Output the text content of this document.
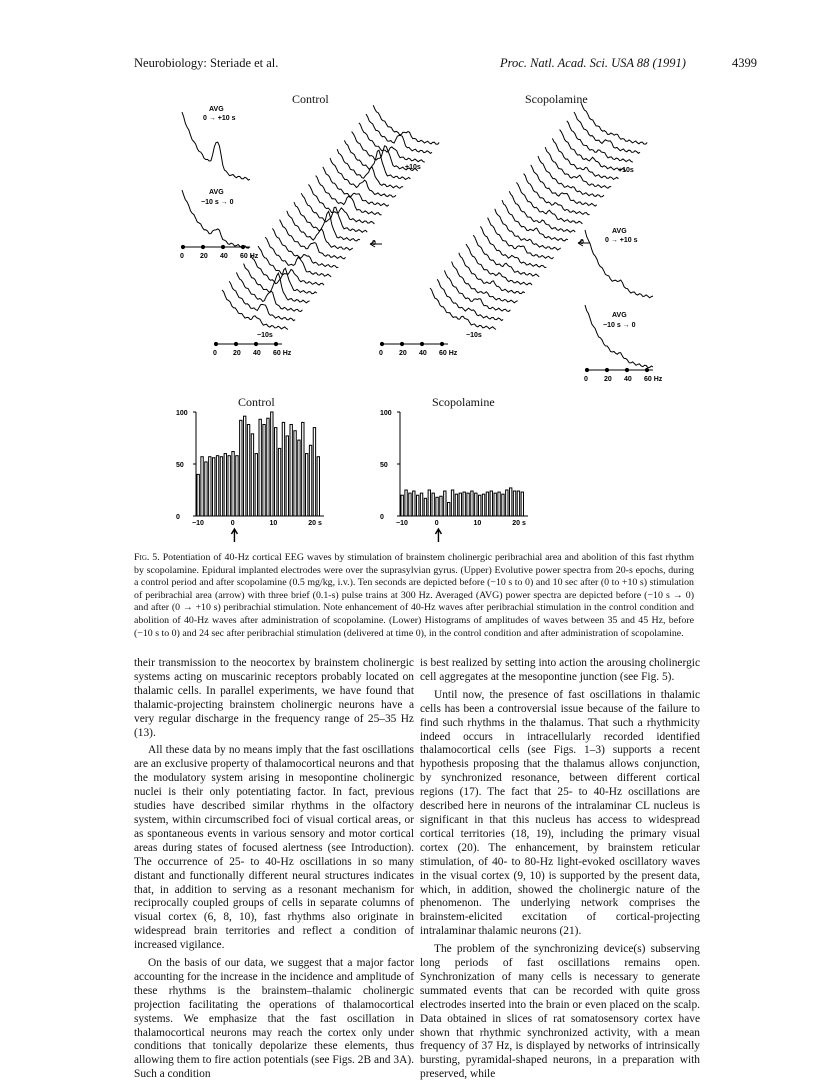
Neurobiology: Steriade et al.	Proc. Natl. Acad. Sci. USA 88 (1991)	4399
Control	Scopolamine
AVG
0 → +10 s
AVG
−10 s → 0
+10s
0
−10s
+10s
0
−10s
AVG
0 → +10 s
AVG
−10 s → 0
0 20 40 60 Hz
0 20 40 60 Hz	0 20 40 60 Hz
0 20 40 60 Hz
Control	Scopolamine
100
50
0
−10	0	10	20 s
100
50
0
−10	0	10	20 s

Fig. 5. Potentiation of 40-Hz cortical EEG waves by stimulation of brainstem cholinergic peribrachial area and abolition of this fast rhythm by scopolamine. Epidural implanted electrodes were over the suprasylvian gyrus. (Upper) Evolutive power spectra from 20-s epochs, during a control period and after scopolamine (0.5 mg/kg, i.v.). Ten seconds are depicted before (−10 s to 0) and 10 sec after (0 to +10 s) stimulation of peribrachial area (arrow) with three brief (0.1-s) pulse trains at 300 Hz. Averaged (AVG) power spectra are depicted before (−10 s → 0) and after (0 → +10 s) peribrachial stimulation. Note enhancement of 40-Hz waves after peribrachial stimulation in the control condition and abolition of 40-Hz waves after administration of scopolamine. (Lower) Histograms of amplitudes of waves between 35 and 45 Hz, before (−10 s to 0) and 24 sec after peribrachial stimulation (delivered at time 0), in the control condition and after administration of scopolamine.

their transmission to the neocortex by brainstem cholinergic systems acting on muscarinic receptors probably located on thalamic cells. In parallel experiments, we have found that thalamic-projecting brainstem cholinergic neurons have a very regular discharge in the frequency range of 25–35 Hz (13).

All these data by no means imply that the fast oscillations are an exclusive property of thalamocortical neurons and that the modulatory system arising in mesopontine cholinergic nuclei is their only potentiating factor. In fact, previous studies have described similar rhythms in the olfactory system, within circumscribed foci of visual cortical areas, or as spontaneous events in various sensory and motor cortical areas during states of focused alertness (see Introduction). The occurrence of 25- to 40-Hz oscillations in so many distant and functionally different neural structures indicates that, in addition to serving as a resonant mechanism for reciprocally coupled groups of cells in separate columns of visual cortex (6, 8, 10), fast rhythms also originate in widespread brain territories and reflect a condition of increased vigilance.

On the basis of our data, we suggest that a major factor accounting for the increase in the incidence and amplitude of these rhythms is the brainstem–thalamic cholinergic projection facilitating the operations of thalamocortical systems. We emphasize that the fast oscillation in thalamocortical neurons may reach the cortex only under conditions that tonically depolarize these elements, thus allowing them to fire action potentials (see Figs. 2B and 3A). Such a condition

is best realized by setting into action the arousing cholinergic cell aggregates at the mesopontine junction (see Fig. 5).

Until now, the presence of fast oscillations in thalamic cells has been a controversial issue because of the failure to find such rhythms in the thalamus. That such a rhythmicity indeed occurs in intracellularly recorded identified thalamocortical cells (see Figs. 1–3) supports a recent hypothesis proposing that the thalamus allows conjunction, by synchronized resonance, between different cortical regions (17). The fact that 25- to 40-Hz oscillations are described here in neurons of the intralaminar CL nucleus is significant in that this nucleus has access to widespread cortical territories (18, 19), including the primary visual cortex (20). The enhancement, by brainstem reticular stimulation, of 40- to 80-Hz light-evoked oscillatory waves in the visual cortex (9, 10) is supported by the present data, which, in addition, showed the cholinergic nature of the phenomenon. The underlying network comprises the brainstem-elicited excitation of cortical-projecting intralaminar thalamic neurons (21).

The problem of the synchronizing device(s) subserving long periods of fast oscillations remains open. Synchronization of many cells is necessary to generate summated events that can be recorded with quite gross electrodes inserted into the brain or even placed on the scalp. Data obtained in slices of rat somatosensory cortex have shown that rhythmic synchronized activity, with a mean frequency of 37 Hz, is displayed by networks of intrinsically bursting, pyramidal-shaped neurons, in a preparation with preserved, while
